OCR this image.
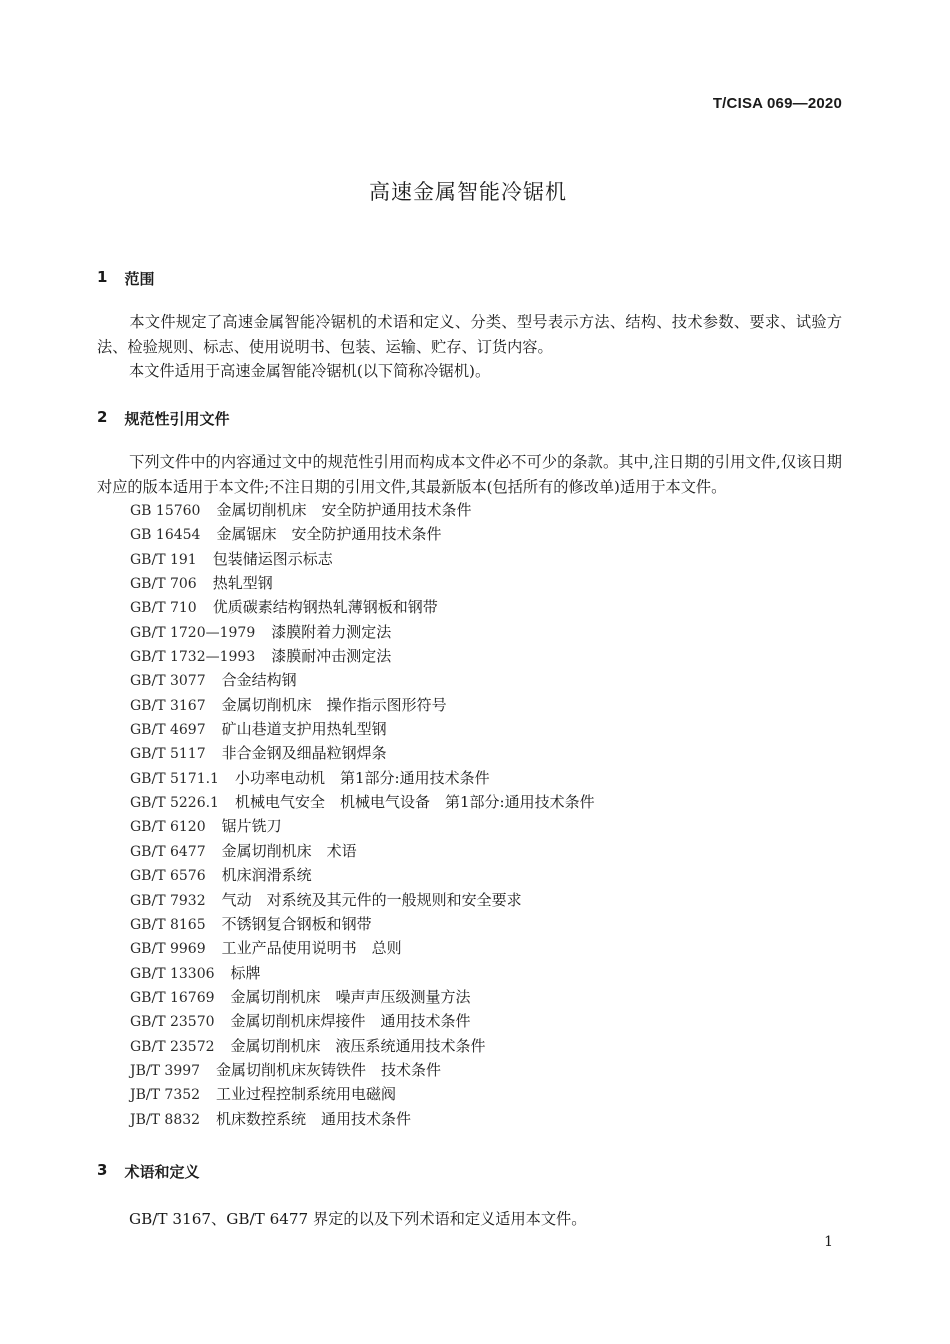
T/CISA 069—2020
高速金属智能冷锯机
1 范围
本文件规定了高速金属智能冷锯机的术语和定义、分类、型号表示方法、结构、技术参数、要求、试验方法、检验规则、标志、使用说明书、包装、运输、贮存、订货内容。
本文件适用于高速金属智能冷锯机(以下简称冷锯机)。
2 规范性引用文件
下列文件中的内容通过文中的规范性引用而构成本文件必不可少的条款。其中,注日期的引用文件,仅该日期对应的版本适用于本文件;不注日期的引用文件,其最新版本(包括所有的修改单)适用于本文件。
GB 15760 金属切削机床　安全防护通用技术条件
GB 16454 金属锯床　安全防护通用技术条件
GB/T 191 包装储运图示标志
GB/T 706 热轧型钢
GB/T 710 优质碳素结构钢热轧薄钢板和钢带
GB/T 1720—1979 漆膜附着力测定法
GB/T 1732—1993 漆膜耐冲击测定法
GB/T 3077 合金结构钢
GB/T 3167 金属切削机床　操作指示图形符号
GB/T 4697 矿山巷道支护用热轧型钢
GB/T 5117 非合金钢及细晶粒钢焊条
GB/T 5171.1 小功率电动机　第1部分:通用技术条件
GB/T 5226.1 机械电气安全　机械电气设备　第1部分:通用技术条件
GB/T 6120 锯片铣刀
GB/T 6477 金属切削机床　术语
GB/T 6576 机床润滑系统
GB/T 7932 气动　对系统及其元件的一般规则和安全要求
GB/T 8165 不锈钢复合钢板和钢带
GB/T 9969 工业产品使用说明书　总则
GB/T 13306 标牌
GB/T 16769 金属切削机床　噪声声压级测量方法
GB/T 23570 金属切削机床焊接件　通用技术条件
GB/T 23572 金属切削机床　液压系统通用技术条件
JB/T 3997 金属切削机床灰铸铁件　技术条件
JB/T 7352 工业过程控制系统用电磁阀
JB/T 8832 机床数控系统　通用技术条件
3 术语和定义
GB/T 3167、GB/T 6477 界定的以及下列术语和定义适用本文件。
1
